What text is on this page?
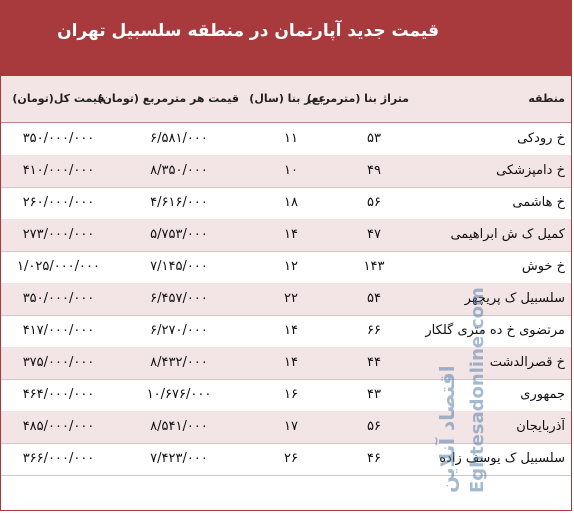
قیمت جدید آپارتمان در منطقه سلسبیل تهران
منطقه
متراژ بنا (مترمربع)
عمر بنا (سال)
قیمت هر مترمربع (تومان)
قیمت کل(تومان)
خ رودکی
۵۳
۱۱
۶/۵۸۱/۰۰۰
۳۵۰/۰۰۰/۰۰۰
خ دامپزشکی
۴۹
۱۰
۸/۳۵۰/۰۰۰
۴۱۰/۰۰۰/۰۰۰
خ هاشمی
۵۶
۱۸
۴/۶۱۶/۰۰۰
۲۶۰/۰۰۰/۰۰۰
کمیل ک ش ابراهیمی
۴۷
۱۴
۵/۷۵۳/۰۰۰
۲۷۳/۰۰۰/۰۰۰
خ خوش
۱۴۳
۱۲
۷/۱۴۵/۰۰۰
۱/۰۲۵/۰۰۰/۰۰۰
سلسبیل ک پریچهر
۵۴
۲۲
۶/۴۵۷/۰۰۰
۳۵۰/۰۰۰/۰۰۰
مرتضوی خ ده متری گلکار
۶۶
۱۴
۶/۲۷۰/۰۰۰
۴۱۷/۰۰۰/۰۰۰
خ قصرالدشت
۴۴
۱۴
۸/۴۳۲/۰۰۰
۳۷۵/۰۰۰/۰۰۰
جمهوری
۴۳
۱۶
۱۰/۶۷۶/۰۰۰
۴۶۴/۰۰۰/۰۰۰
آذربایجان
۵۶
۱۷
۸/۵۴۱/۰۰۰
۴۸۵/۰۰۰/۰۰۰
سلسبیل ک یوسف زاده
۴۶
۲۶
۷/۴۲۳/۰۰۰
۳۶۶/۰۰۰/۰۰۰	اقتصاد آنلاین Eghtesadonline.com
